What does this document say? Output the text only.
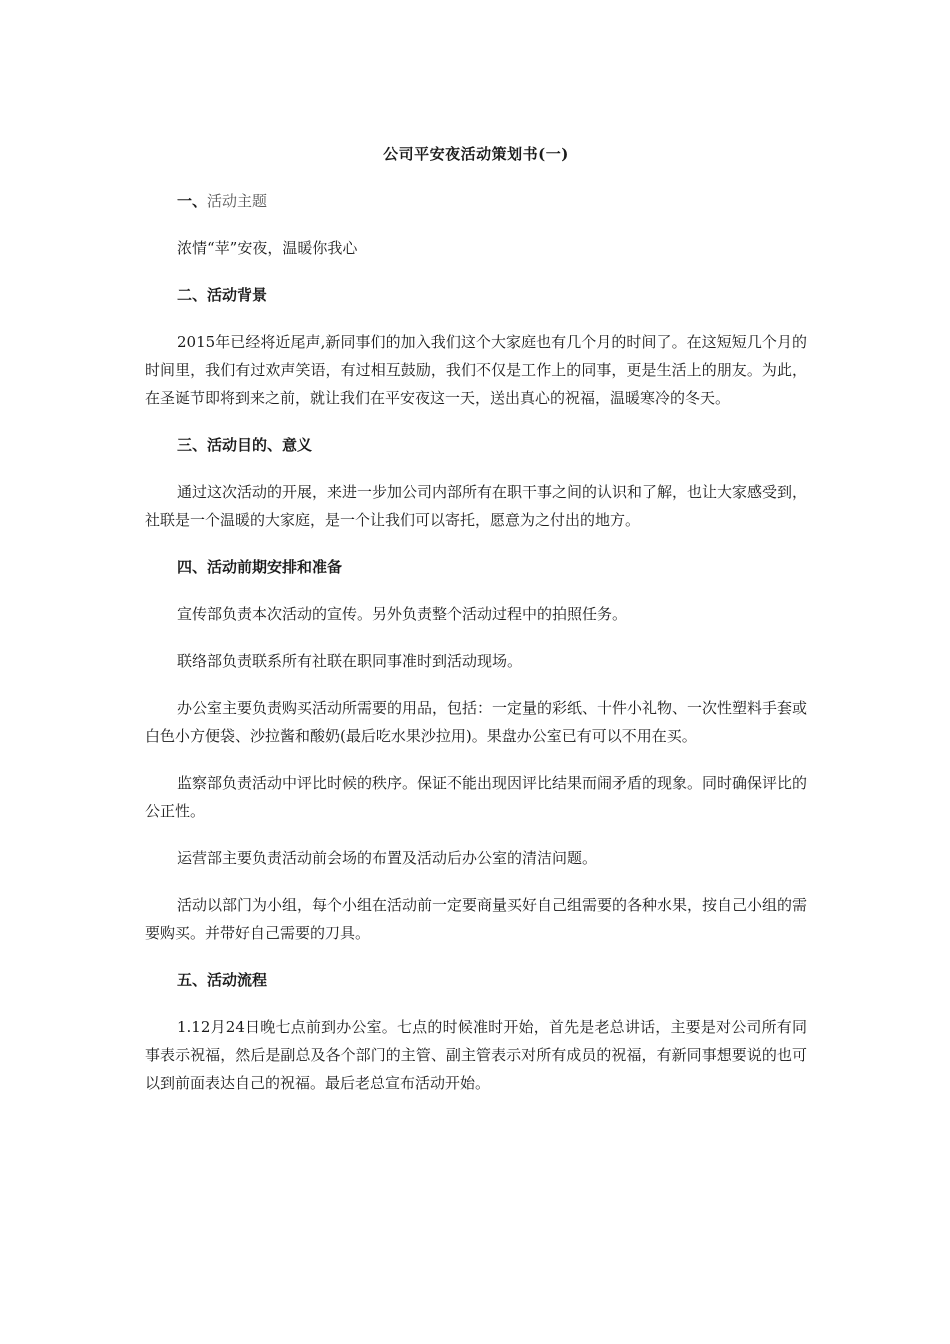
公司平安夜活动策划书(一)
一、活动主题
浓情“苹”安夜，温暖你我心
二、活动背景
2015年已经将近尾声,新同事们的加入我们这个大家庭也有几个月的时间了。在这短短几个月的时间里，我们有过欢声笑语，有过相互鼓励，我们不仅是工作上的同事，更是生活上的朋友。为此，在圣诞节即将到来之前，就让我们在平安夜这一天，送出真心的祝福，温暖寒冷的冬天。
三、活动目的、意义
通过这次活动的开展，来进一步加公司内部所有在职干事之间的认识和了解，也让大家感受到，社联是一个温暖的大家庭，是一个让我们可以寄托，愿意为之付出的地方。
四、活动前期安排和准备
宣传部负责本次活动的宣传。另外负责整个活动过程中的拍照任务。
联络部负责联系所有社联在职同事准时到活动现场。
办公室主要负责购买活动所需要的用品，包括：一定量的彩纸、十件小礼物、一次性塑料手套或白色小方便袋、沙拉酱和酸奶(最后吃水果沙拉用)。果盘办公室已有可以不用在买。
监察部负责活动中评比时候的秩序。保证不能出现因评比结果而闹矛盾的现象。同时确保评比的公正性。
运营部主要负责活动前会场的布置及活动后办公室的清洁问题。
活动以部门为小组，每个小组在活动前一定要商量买好自己组需要的各种水果，按自己小组的需要购买。并带好自己需要的刀具。
五、活动流程
1.12月24日晚七点前到办公室。七点的时候准时开始，首先是老总讲话，主要是对公司所有同事表示祝福，然后是副总及各个部门的主管、副主管表示对所有成员的祝福，有新同事想要说的也可以到前面表达自己的祝福。最后老总宣布活动开始。
